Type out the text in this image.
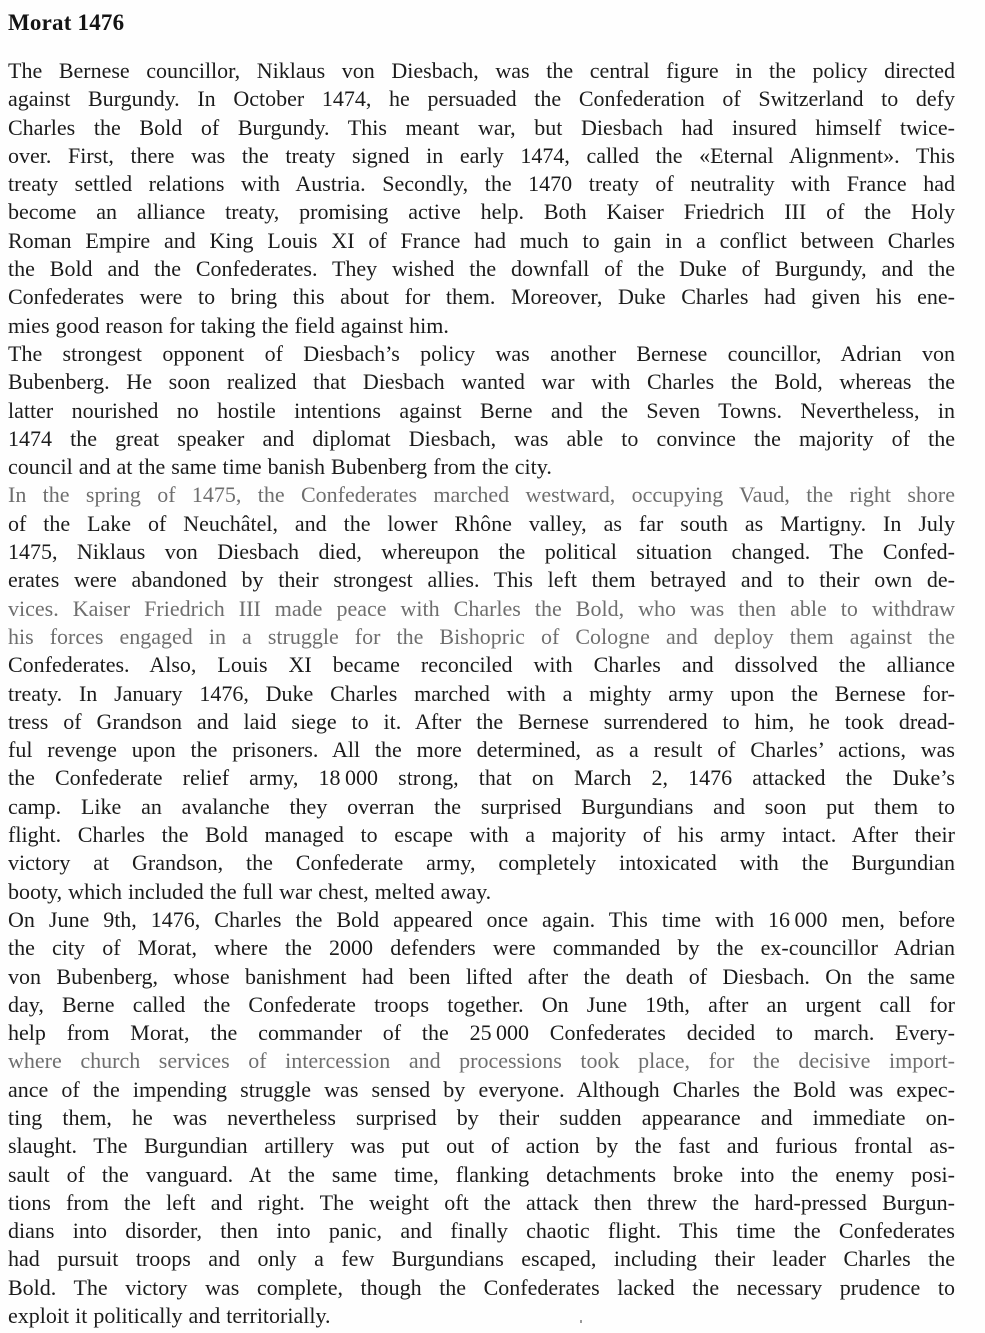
Morat 1476
The Bernese councillor, Niklaus von Diesbach, was the central figure in the policy directed
against Burgundy. In October 1474, he persuaded the Confederation of Switzerland to defy
Charles the Bold of Burgundy. This meant war, but Diesbach had insured himself twice-
over. First, there was the treaty signed in early 1474, called the «Eternal Alignment». This
treaty settled relations with Austria. Secondly, the 1470 treaty of neutrality with France had
become an alliance treaty, promising active help. Both Kaiser Friedrich III of the Holy
Roman Empire and King Louis XI of France had much to gain in a conflict between Charles
the Bold and the Confederates. They wished the downfall of the Duke of Burgundy, and the
Confederates were to bring this about for them. Moreover, Duke Charles had given his ene-
mies good reason for taking the field against him.
The strongest opponent of Diesbach’s policy was another Bernese councillor, Adrian von
Bubenberg. He soon realized that Diesbach wanted war with Charles the Bold, whereas the
latter nourished no hostile intentions against Berne and the Seven Towns. Nevertheless, in
1474 the great speaker and diplomat Diesbach, was able to convince the majority of the
council and at the same time banish Bubenberg from the city.
In the spring of 1475, the Confederates marched westward, occupying Vaud, the right shore
of the Lake of Neuchâtel, and the lower Rhône valley, as far south as Martigny. In July
1475, Niklaus von Diesbach died, whereupon the political situation changed. The Confed-
erates were abandoned by their strongest allies. This left them betrayed and to their own de-
vices. Kaiser Friedrich III made peace with Charles the Bold, who was then able to withdraw
his forces engaged in a struggle for the Bishopric of Cologne and deploy them against the
Confederates. Also, Louis XI became reconciled with Charles and dissolved the alliance
treaty. In January 1476, Duke Charles marched with a mighty army upon the Bernese for-
tress of Grandson and laid siege to it. After the Bernese surrendered to him, he took dread-
ful revenge upon the prisoners. All the more determined, as a result of Charles’ actions, was
the Confederate relief army, 18 000 strong, that on March 2, 1476 attacked the Duke’s
camp. Like an avalanche they overran the surprised Burgundians and soon put them to
flight. Charles the Bold managed to escape with a majority of his army intact. After their
victory at Grandson, the Confederate army, completely intoxicated with the Burgundian
booty, which included the full war chest, melted away.
On June 9th, 1476, Charles the Bold appeared once again. This time with 16 000 men, before
the city of Morat, where the 2000 defenders were commanded by the ex-councillor Adrian
von Bubenberg, whose banishment had been lifted after the death of Diesbach. On the same
day, Berne called the Confederate troops together. On June 19th, after an urgent call for
help from Morat, the commander of the 25 000 Confederates decided to march. Every-
where church services of intercession and processions took place, for the decisive import-
ance of the impending struggle was sensed by everyone. Although Charles the Bold was expec-
ting them, he was nevertheless surprised by their sudden appearance and immediate on-
slaught. The Burgundian artillery was put out of action by the fast and furious frontal as-
sault of the vanguard. At the same time, flanking detachments broke into the enemy posi-
tions from the left and right. The weight oft the attack then threw the hard-pressed Burgun-
dians into disorder, then into panic, and finally chaotic flight. This time the Confederates
had pursuit troops and only a few Burgundians escaped, including their leader Charles the
Bold. The victory was complete, though the Confederates lacked the necessary prudence to
exploit it politically and territorially.
